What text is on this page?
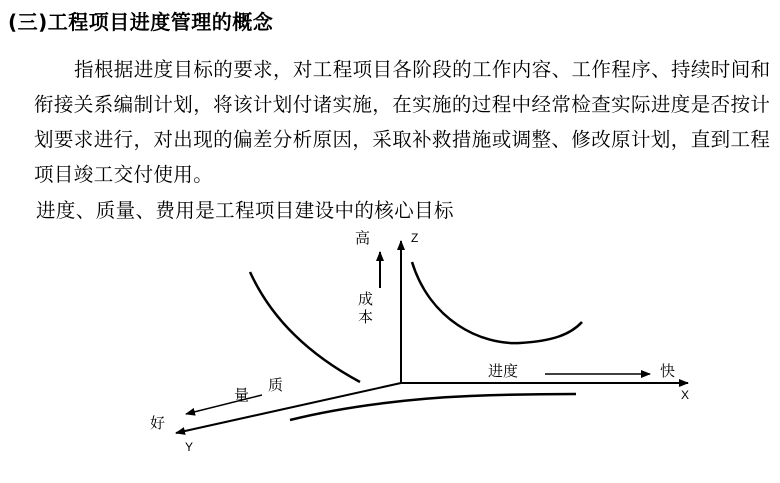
(三)工程项目进度管理的概念

指根据进度目标的要求，对工程项目各阶段的工作内容、工作程序、持续时间和衔接关系编制计划，将该计划付诸实施，在实施的过程中经常检查实际进度是否按计划要求进行，对出现的偏差分析原因，采取补救措施或调整、修改原计划，直到工程项目竣工交付使用。

进度、质量、费用是工程项目建设中的核心目标
高	Z
成
本
进度	快
X
质
量
好
Y
